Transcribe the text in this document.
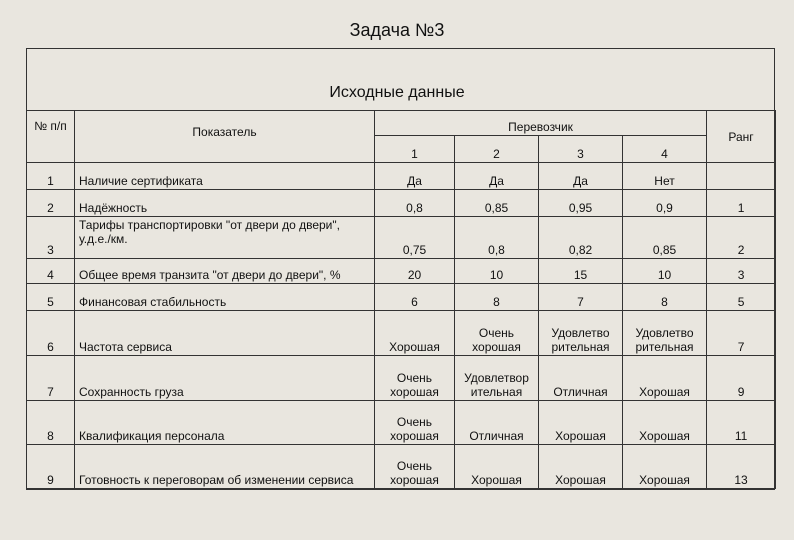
Задача №3
Исходные данные
№ п/п	Показатель	Перевозчик				Ранг
		1	2	3	4	
1	Наличие сертификата	Да	Да	Да	Нет	
2	Надёжность	0,8	0,85	0,95	0,9	1
3	Тарифы транспортировки "от двери до двери", у.д.е./км.	0,75	0,8	0,82	0,85	2
4	Общее время транзита "от двери до двери", %	20	10	15	10	3
5	Финансовая стабильность	6	8	7	8	5
6	Частота сервиса	Хорошая	Очень хорошая	Удовлетво рительная	Удовлетво рительная	7
7	Сохранность груза	Очень хорошая	Удовлетвор ительная	Отличная	Хорошая	9
8	Квалификация персонала	Очень хорошая	Отличная	Хорошая	Хорошая	11
9	Готовность к переговорам об изменении сервиса	Очень хорошая	Хорошая	Хорошая	Хорошая	13
